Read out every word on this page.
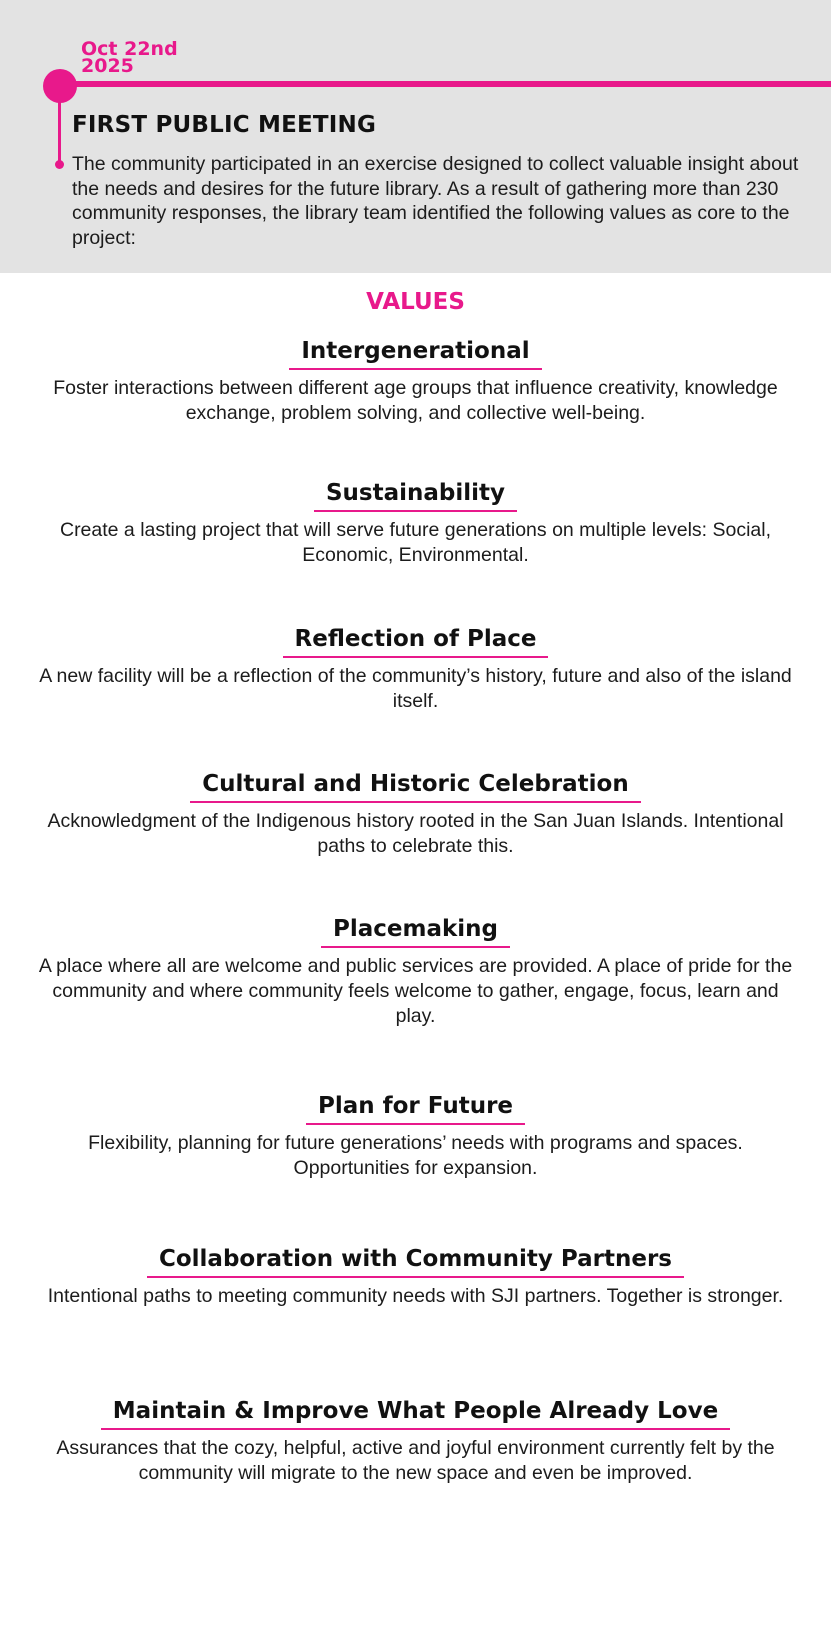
Oct 22nd
2025
FIRST PUBLIC MEETING

The community participated in an exercise designed to collect valuable insight about the needs and desires for the future library. As a result of gathering more than 230 community responses, the library team identified the following values as core to the project:

VALUES
Intergenerational

Foster interactions between different age groups that influence creativity, knowledge exchange, problem solving, and collective well-being.

Sustainability

Create a lasting project that will serve future generations on multiple levels: Social, Economic, Environmental.

Reflection of Place

A new facility will be a reflection of the community’s history, future and also of the island itself.

Cultural and Historic Celebration

Acknowledgment of the Indigenous history rooted in the San Juan Islands. Intentional paths to celebrate this.

Placemaking

A place where all are welcome and public services are provided. A place of pride for the community and where community feels welcome to gather, engage, focus, learn and play.

Plan for Future

Flexibility, planning for future generations’ needs with programs and spaces. Opportunities for expansion.

Collaboration with Community Partners

Intentional paths to meeting community needs with SJI partners. Together is stronger.

Maintain & Improve What People Already Love

Assurances that the cozy, helpful, active and joyful environment currently felt by the community will migrate to the new space and even be improved.
